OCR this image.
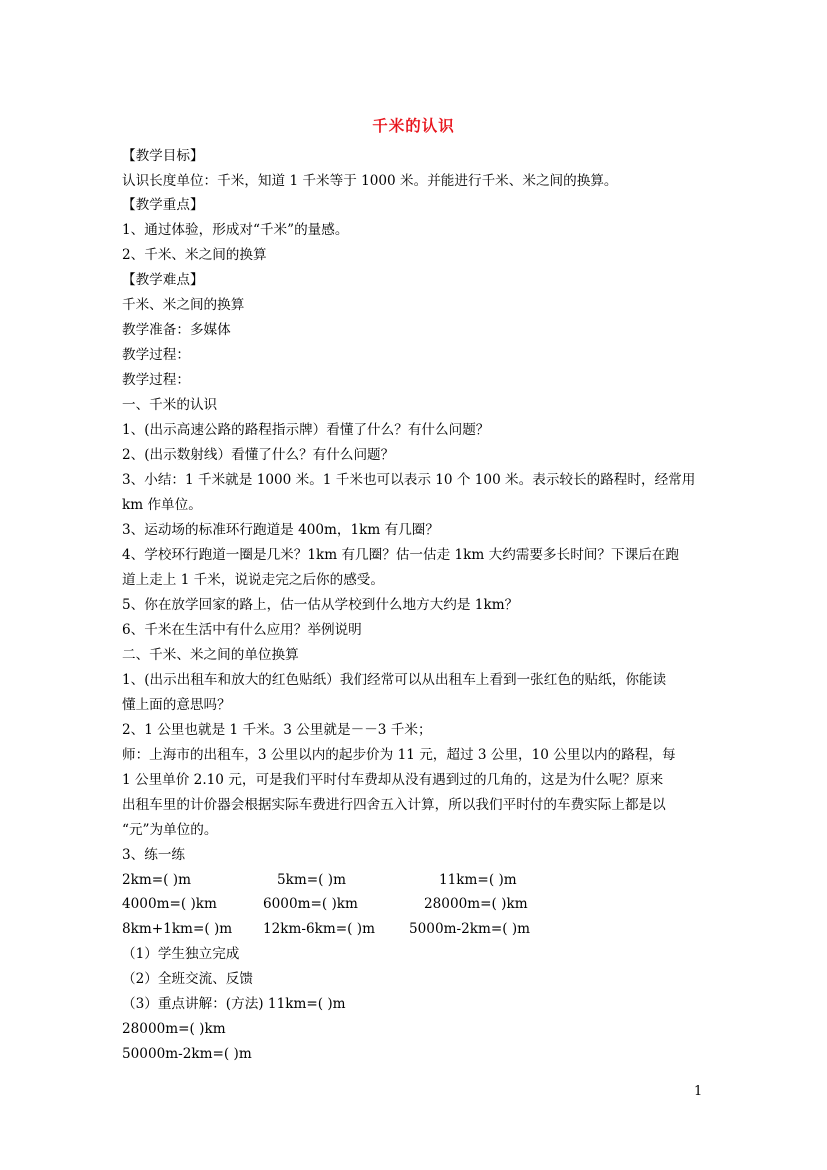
千米的认识
【教学目标】
认识长度单位：千米，知道 1 千米等于 1000 米。并能进行千米、米之间的换算。
【教学重点】
1、通过体验，形成对“千米”的量感。
2、千米、米之间的换算
【教学难点】
千米、米之间的换算
教学准备：多媒体
教学过程：
教学过程：
一、千米的认识
1、(出示高速公路的路程指示牌）看懂了什么？有什么问题？
2、(出示数射线）看懂了什么？有什么问题？
3、小结：1 千米就是 1000 米。1 千米也可以表示 10 个 100 米。表示较长的路程时，经常用
km 作单位。
3、运动场的标准环行跑道是 400m，1km 有几圈？
4、学校环行跑道一圈是几米？1km 有几圈？估一估走 1km 大约需要多长时间？下课后在跑
道上走上 1 千米，说说走完之后你的感受。
5、你在放学回家的路上，估一估从学校到什么地方大约是 1km？
6、千米在生活中有什么应用？举例说明
二、千米、米之间的单位换算
1、(出示出租车和放大的红色贴纸）我们经常可以从出租车上看到一张红色的贴纸，你能读
懂上面的意思吗？
2、1 公里也就是 1 千米。3 公里就是－－3 千米；
师：上海市的出租车，3 公里以内的起步价为 11 元，超过 3 公里，10 公里以内的路程，每
1 公里单价 2.10 元，可是我们平时付车费却从没有遇到过的几角的，这是为什么呢？原来
出租车里的计价器会根据实际车费进行四舍五入计算，所以我们平时付的车费实际上都是以
“元”为单位的。
3、练一练
2km=( )m	5km=( )m	11km=( )m
4000m=( )km	6000m=( )km	28000m=( )km
8km+1km=( )m 12km-6km=( )m 5000m-2km=( )m
（1）学生独立完成
（2）全班交流、反馈
（3）重点讲解：(方法) 11km=( )m
28000m=( )km
50000m-2km=( )m
1
